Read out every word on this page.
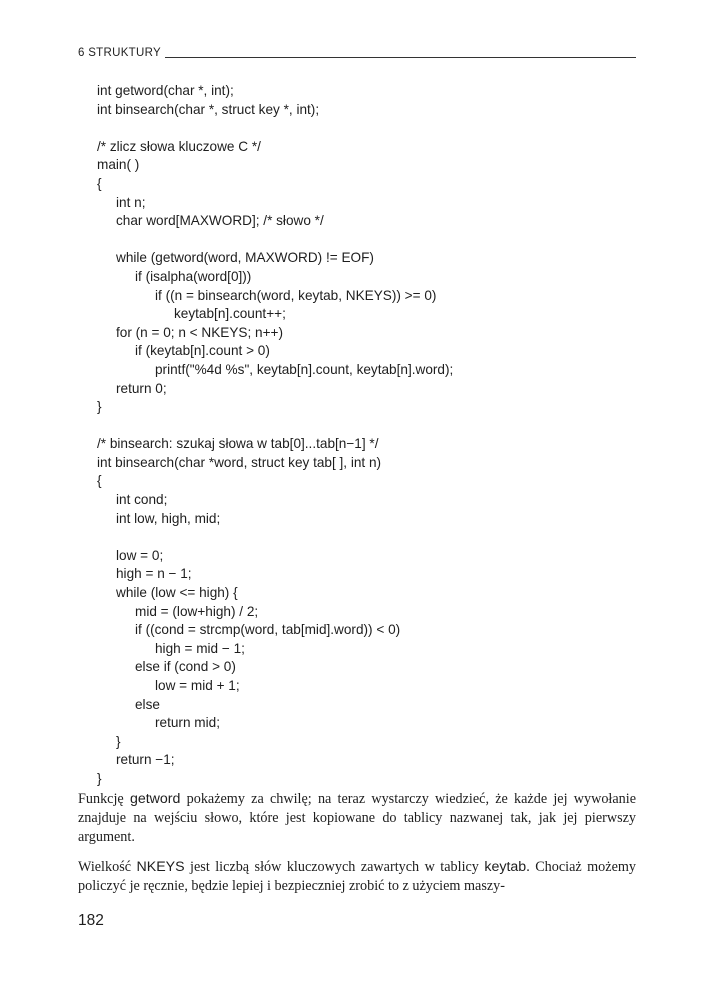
6 STRUKTURY
int getword(char *, int);
int binsearch(char *, struct key *, int);
/* zlicz słowa kluczowe C */
main( )
{
int n;
char word[MAXWORD]; /* słowo */
while (getword(word, MAXWORD) != EOF)
if (isalpha(word[0]))
if ((n = binsearch(word, keytab, NKEYS)) >= 0)
keytab[n].count++;
for (n = 0; n < NKEYS; n++)
if (keytab[n].count > 0)
printf("%4d %s", keytab[n].count, keytab[n].word);
return 0;
}
/* binsearch: szukaj słowa w tab[0]...tab[n−1] */
int binsearch(char *word, struct key tab[ ], int n)
{
int cond;
int low, high, mid;
low = 0;
high = n − 1;
while (low <= high) {
mid = (low+high) / 2;
if ((cond = strcmp(word, tab[mid].word)) < 0)
high = mid − 1;
else if (cond > 0)
low = mid + 1;
else
return mid;
}
return −1;
}

Funkcję getword pokażemy za chwilę; na teraz wystarczy wiedzieć, że każde jej wywołanie znajduje na wejściu słowo, które jest kopiowane do tablicy nazwanej tak, jak jej pierwszy argument.

Wielkość NKEYS jest liczbą słów kluczowych zawartych w tablicy keytab. Chociaż możemy policzyć je ręcznie, będzie lepiej i bezpieczniej zrobić to z użyciem maszy-

182
